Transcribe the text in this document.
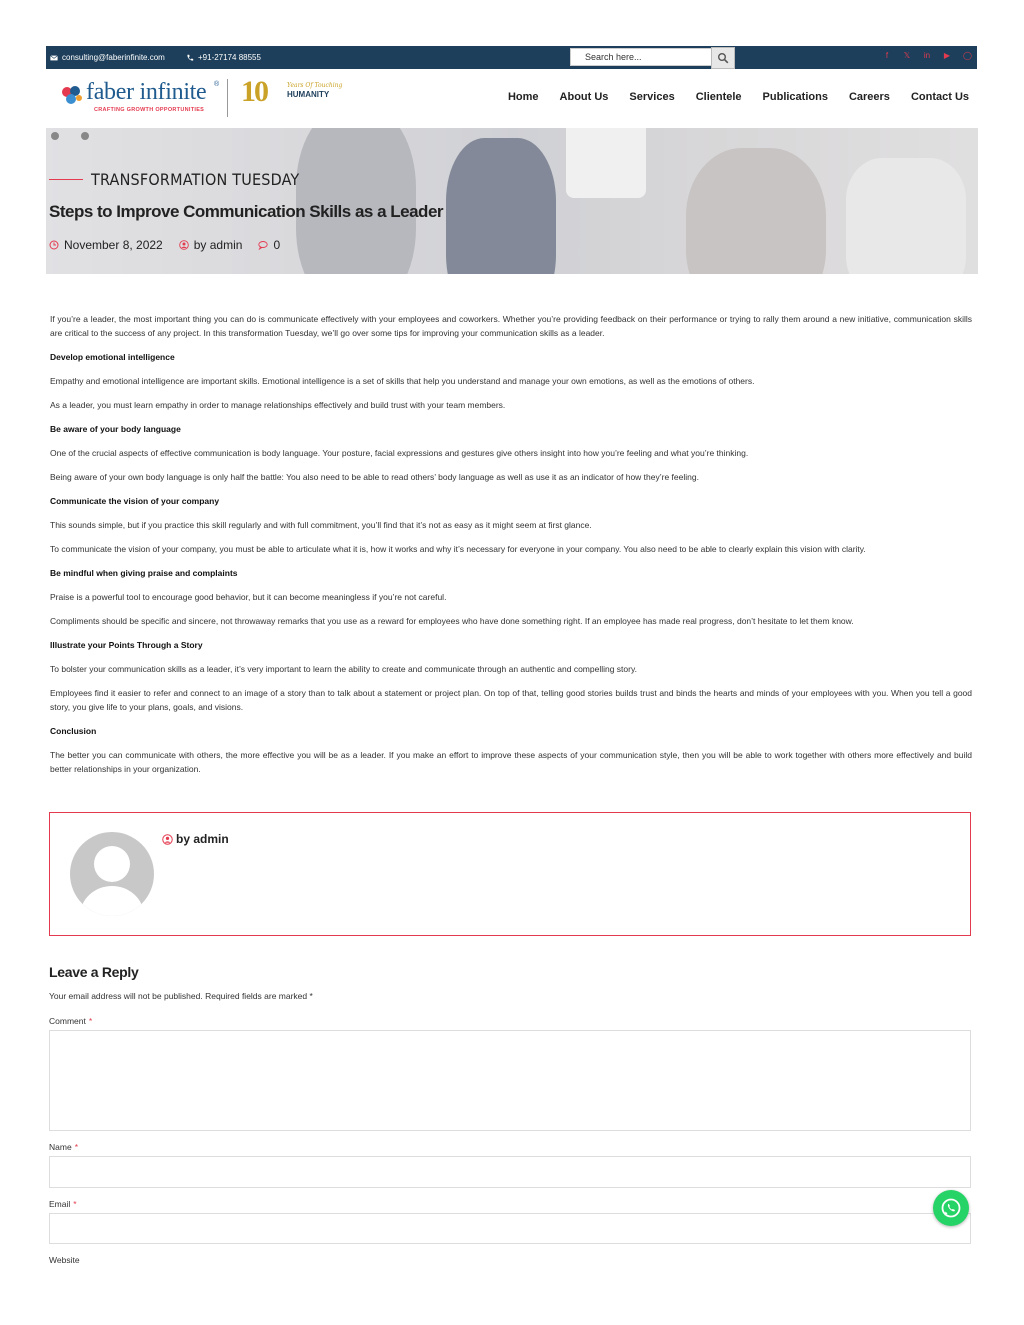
consulting@faberinfinite.com	+91-27174 88555	Search here...	f	𝕏 in ▶ ◯
faber infinite ®
CRAFTING GROWTH OPPORTUNITIES
10	Years Of Touching
HUMANITY	Home About Us Services Clientele Publications Careers Contact Us
TRANSFORMATION TUESDAY
Steps to Improve Communication Skills as a Leader
November 8, 2022	by admin	0

If you’re a leader, the most important thing you can do is communicate effectively with your employees and coworkers. Whether you’re providing feedback on their performance or trying to rally them around a new initiative, communication skills are critical to the success of any project. In this transformation Tuesday, we’ll go over some tips for improving your communication skills as a leader.

Develop emotional intelligence

Empathy and emotional intelligence are important skills. Emotional intelligence is a set of skills that help you understand and manage your own emotions, as well as the emotions of others.

As a leader, you must learn empathy in order to manage relationships effectively and build trust with your team members.

Be aware of your body language

One of the crucial aspects of effective communication is body language. Your posture, facial expressions and gestures give others insight into how you’re feeling and what you’re thinking.

Being aware of your own body language is only half the battle: You also need to be able to read others’ body language as well as use it as an indicator of how they’re feeling.

Communicate the vision of your company

This sounds simple, but if you practice this skill regularly and with full commitment, you’ll find that it’s not as easy as it might seem at first glance.

To communicate the vision of your company, you must be able to articulate what it is, how it works and why it’s necessary for everyone in your company. You also need to be able to clearly explain this vision with clarity.

Be mindful when giving praise and complaints

Praise is a powerful tool to encourage good behavior, but it can become meaningless if you’re not careful.

Compliments should be specific and sincere, not throwaway remarks that you use as a reward for employees who have done something right. If an employee has made real progress, don’t hesitate to let them know.

Illustrate your Points Through a Story

To bolster your communication skills as a leader, it’s very important to learn the ability to create and communicate through an authentic and compelling story.

Employees find it easier to refer and connect to an image of a story than to talk about a statement or project plan. On top of that, telling good stories builds trust and binds the hearts and minds of your employees with you. When you tell a good story, you give life to your plans, goals, and visions.

Conclusion

The better you can communicate with others, the more effective you will be as a leader. If you make an effort to improve these aspects of your communication style, then you will be able to work together with others more effectively and build better relationships in your organization.

by admin
Leave a Reply

Your email address will not be published. Required fields are marked *

Comment *
Name *
Email *
Website
